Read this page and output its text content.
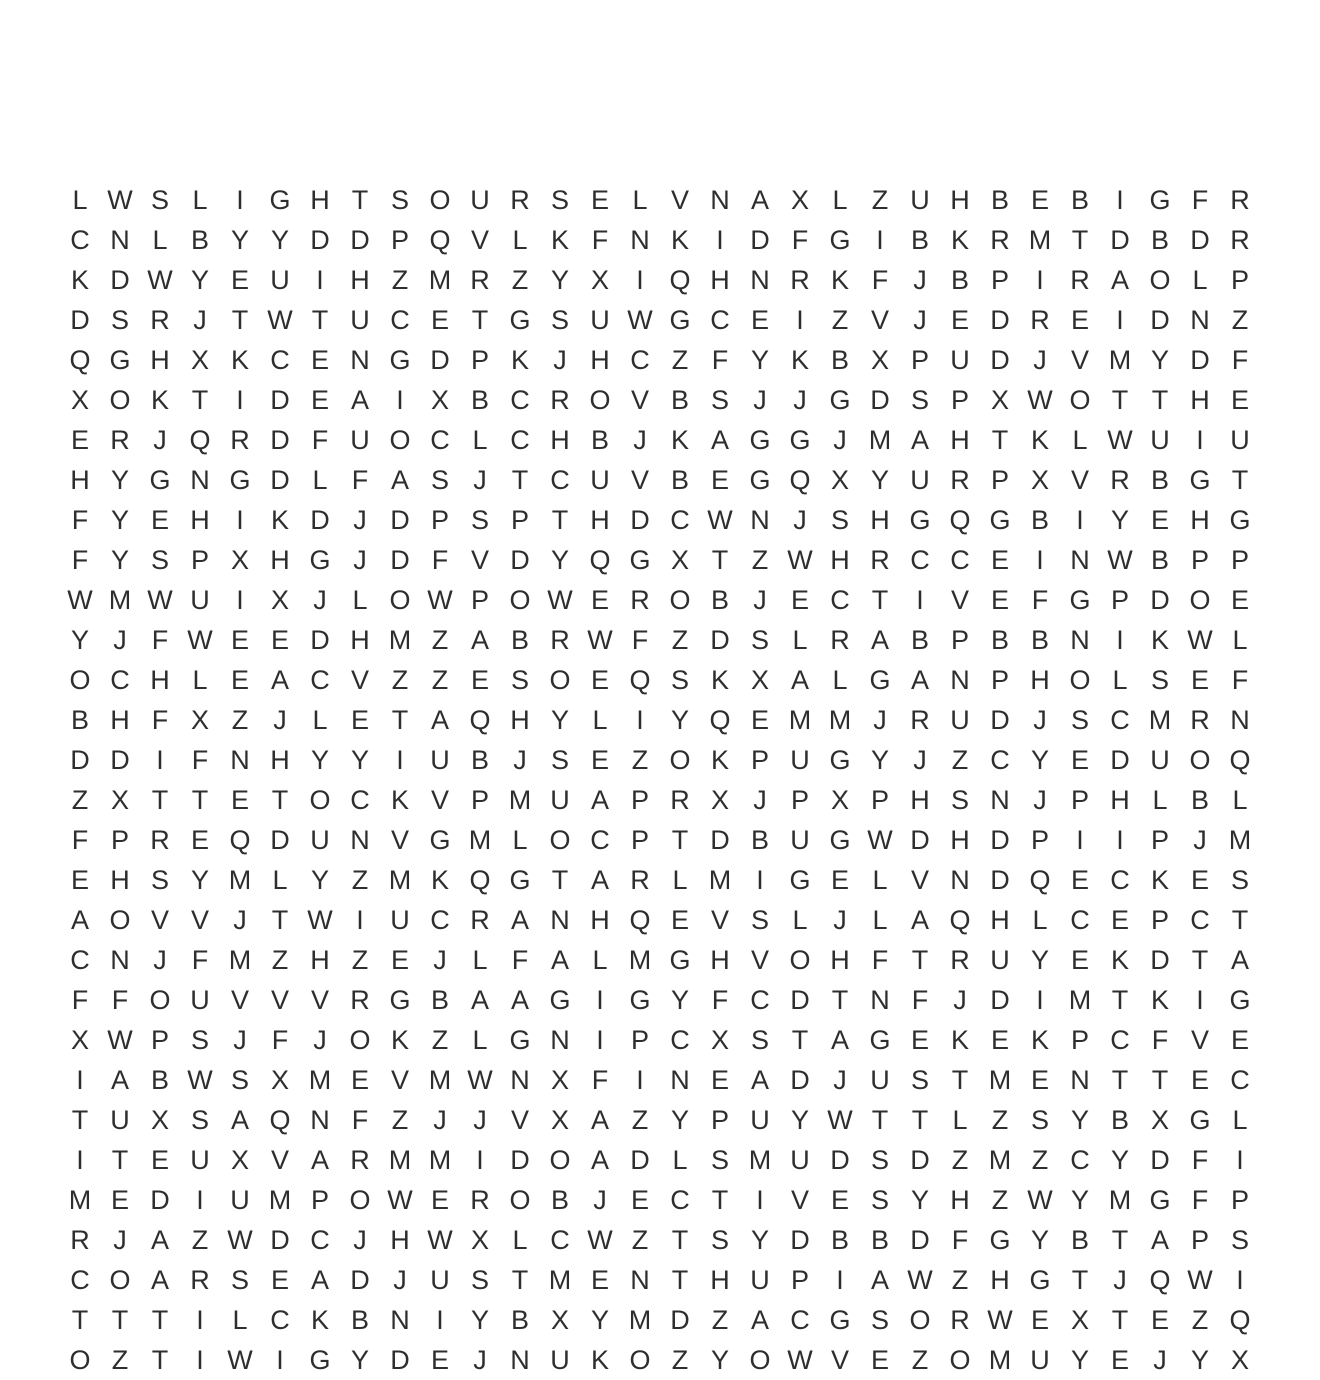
L W S L	I G H T S O U R S E L V N A X L Z U H B E B	I G F R
C N L B Y Y D D P Q V L K F N K	I D F G I	B K R M T D B D R
K D W Y E U I H Z M R Z Y X	I Q H N R K F J B P	I R A O L P
D S R J T W T U C E T G S U W G C E	I	Z V J E D R E	I D N Z
Q G H X K C E N G D P K J H C Z F Y K B X P U D J V M Y D F
X O K T	I D E A	I	X B C R O V B S J J G D S P X W O T T H E
E R J Q R D F U O C L C H B J K A G G J M A H T K L W U I U
H Y G N G D L F A S J T C U V B E G Q X Y U R P X V R B G T
F Y E H I	K D J D P S P T H D C W N J S H G Q G B	I	Y E H G
F Y S P X H G J D F V D Y Q G X T Z W H R C C E	I N W B P P
W M W U I	X J L O W P O W E R O B J E C T	I	V E F G P D O E
Y J F W E E D H M Z A B R W F Z D S L R A B P B B N I	K W L
O C H L E A C V Z Z E S O E Q S K X A L G A N P H O L S E F
B H F X Z J L E T A Q H Y L	I	Y Q E M M J R U D J S C M R N
D D I	F N H Y Y	I U B J S E Z O K P U G Y J Z C Y E D U O Q
Z X T T E T O C K V P M U A P R X J P X P H S N J P H L B L
F P R E Q D U N V G M L O C P T D B U G W D H D P	I	I	P J M
E H S Y M L Y Z M K Q G T A R L M I G E L V N D Q E C K E S
A O V V J T W I U C R A N H Q E V S L J L A Q H L C E P C T
C N J F M Z H Z E J L F A L M G H V O H F T R U Y E K D T A
F F O U V V V R G B A A G I G Y F C D T N F J D I M T K	I G
X W P S J F J O K Z L G N I	P C X S T A G E K E K P C F V E
I	A B W S X M E V M W N X F	I N E A D J U S T M E N T T E C
T U X S A Q N F Z J J V X A Z Y P U Y W T T L Z S Y B X G L
I	T E U X V A R M M I D O A D L S M U D S D Z M Z C Y D F	I
M E D I U M P O W E R O B J E C T	I	V E S Y H Z W Y M G F P
R J A Z W D C J H W X L C W Z T S Y D B B D F G Y B T A P S
C O A R S E A D J U S T M E N T H U P	I	A W Z H G T J Q W I
T T T	I	L C K B N I	Y B X Y M D Z A C G S O R W E X T E Z Q
O Z T	I W I G Y D E J N U K O Z Y O W V E Z O M U Y E J Y X
